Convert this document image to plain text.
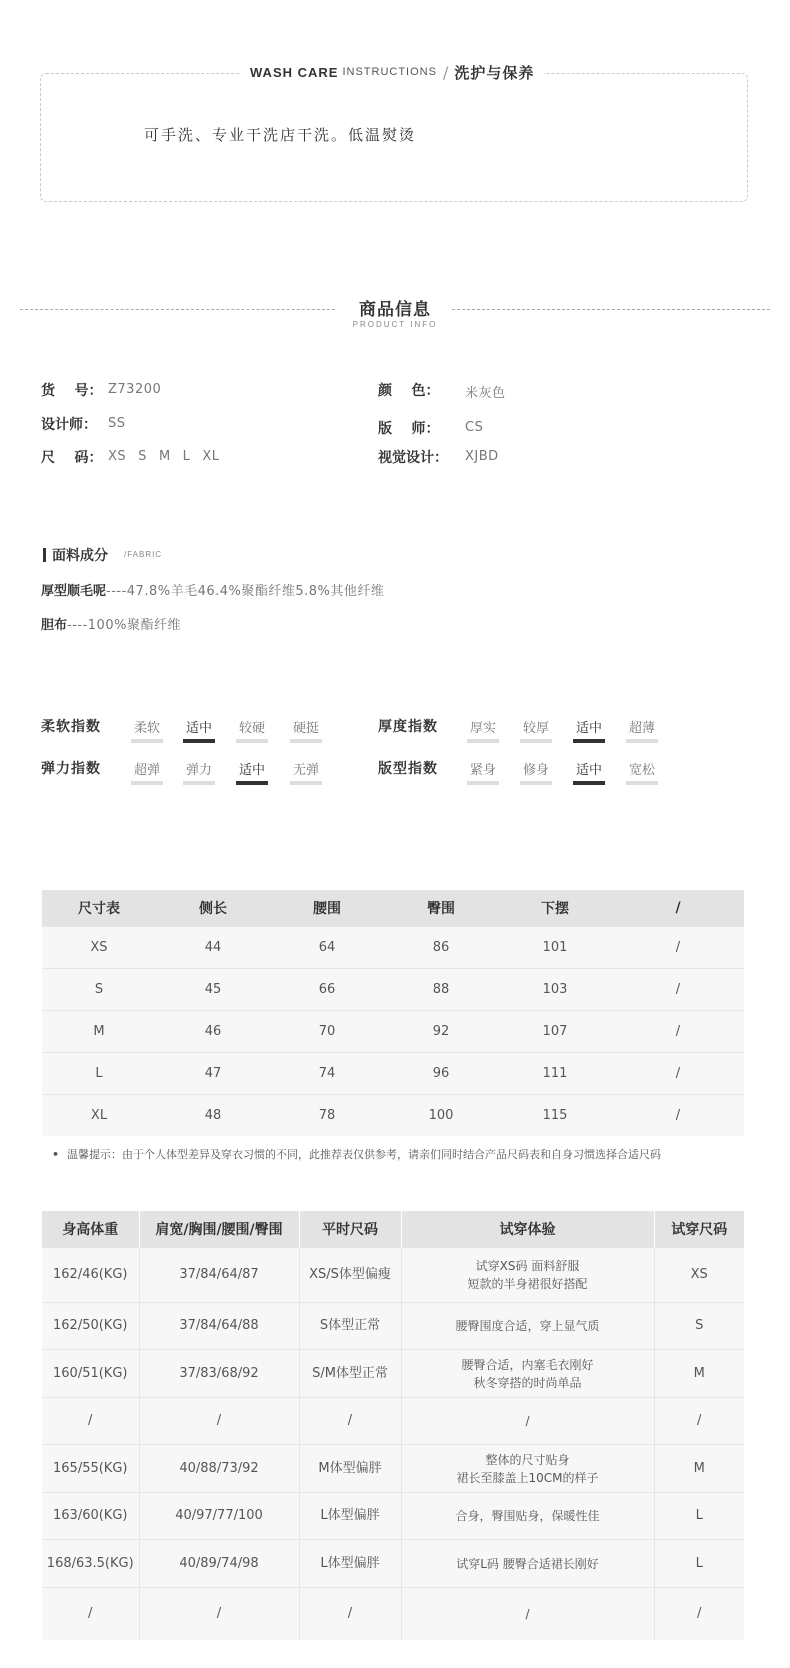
WASH CARE INSTRUCTIONS / 洗护与保养
可手洗、专业干洗店干洗。低温熨烫
商品信息
PRODUCT INFO
货    号： Z73200	颜    色： 米灰色
设计师： SS	版    师： CS
尺    码： XS S M L XL	视觉设计： XJBD
面料成分 /FABRIC
厚型顺毛呢----47.8%羊毛46.4%聚酯纤维5.8%其他纤维
胆布----100%聚酯纤维
柔软指数	柔软 适中 较硬 硬挺	厚度指数 厚实 较厚 适中 超薄
弹力指数	超弹 弹力 适中 无弹	版型指数 紧身 修身 适中 宽松
尺寸表	侧长	腰围	臀围	下摆	/
XS	44	64	86	101	/
S	45	66	88	103	/
M	46	70	92	107	/
L	47	74	96	111	/
XL	48	78	100	115	/
• 温馨提示：由于个人体型差异及穿衣习惯的不同，此推荐表仅供参考，请亲们同时结合产品尺码表和自身习惯选择合适尺码
身高体重	肩宽/胸围/腰围/臀围	平时尺码	试穿体验	试穿尺码
162/46(KG)	37/84/64/87	XS/S体型偏瘦	试穿XS码 面料舒服
短款的半身裙很好搭配	XS
162/50(KG)	37/84/64/88	S体型正常	腰臀围度合适，穿上显气质	S
160/51(KG)	37/83/68/92	S/M体型正常	腰臀合适，内塞毛衣刚好
秋冬穿搭的时尚单品	M
/	/	/	/	/
165/55(KG)	40/88/73/92	M体型偏胖	整体的尺寸贴身
裙长至膝盖上10CM的样子	M
163/60(KG)	40/97/77/100	L体型偏胖	合身，臀围贴身，保暖性佳	L
168/63.5(KG)	40/89/74/98	L体型偏胖	试穿L码 腰臀合适裙长刚好	L
/	/	/	/	/
